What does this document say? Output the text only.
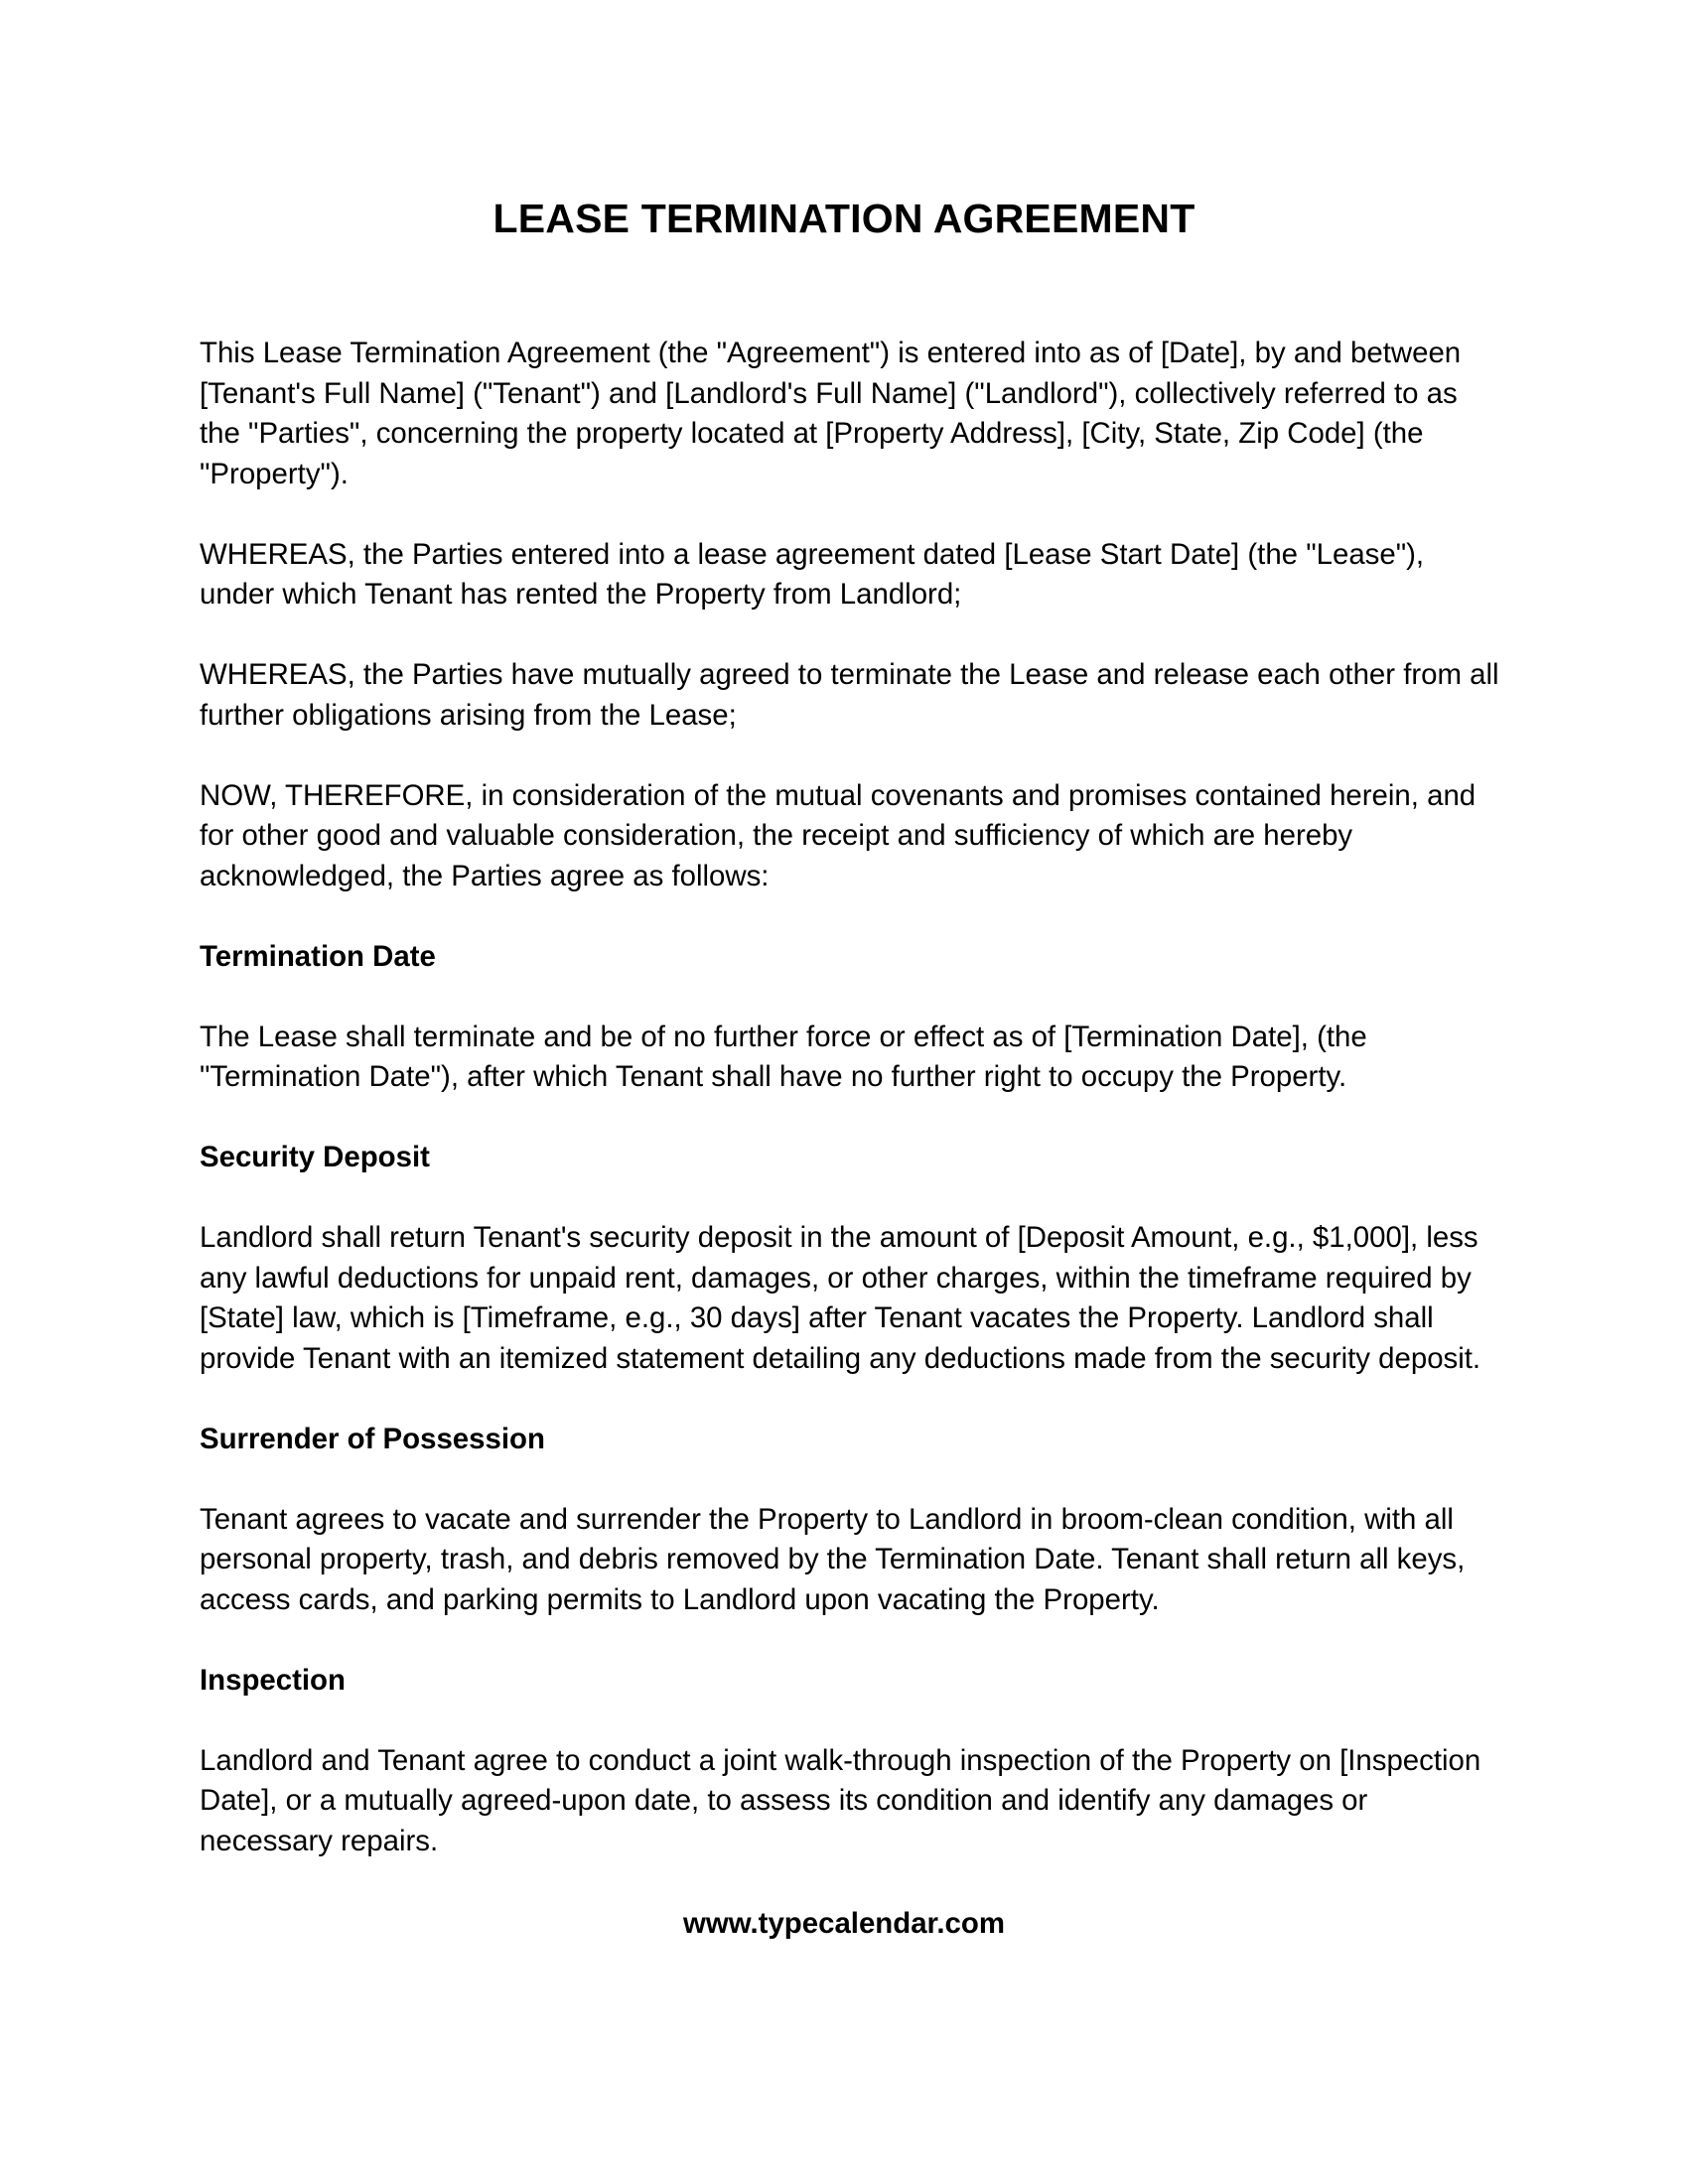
LEASE TERMINATION AGREEMENT

This Lease Termination Agreement (the "Agreement") is entered into as of [Date], by and between [Tenant's Full Name] ("Tenant") and [Landlord's Full Name] ("Landlord"), collectively referred to as the "Parties", concerning the property located at [Property Address], [City, State, Zip Code] (the "Property").

WHEREAS, the Parties entered into a lease agreement dated [Lease Start Date] (the "Lease"), under which Tenant has rented the Property from Landlord;

WHEREAS, the Parties have mutually agreed to terminate the Lease and release each other from all further obligations arising from the Lease;

NOW, THEREFORE, in consideration of the mutual covenants and promises contained herein, and for other good and valuable consideration, the receipt and sufficiency of which are hereby acknowledged, the Parties agree as follows:

Termination Date

The Lease shall terminate and be of no further force or effect as of [Termination Date], (the "Termination Date"), after which Tenant shall have no further right to occupy the Property.

Security Deposit

Landlord shall return Tenant's security deposit in the amount of [Deposit Amount, e.g., $1,000], less any lawful deductions for unpaid rent, damages, or other charges, within the timeframe required by [State] law, which is [Timeframe, e.g., 30 days] after Tenant vacates the Property. Landlord shall provide Tenant with an itemized statement detailing any deductions made from the security deposit.

Surrender of Possession

Tenant agrees to vacate and surrender the Property to Landlord in broom-clean condition, with all personal property, trash, and debris removed by the Termination Date. Tenant shall return all keys, access cards, and parking permits to Landlord upon vacating the Property.

Inspection

Landlord and Tenant agree to conduct a joint walk-through inspection of the Property on [Inspection Date], or a mutually agreed-upon date, to assess its condition and identify any damages or necessary repairs.

www.typecalendar.com
